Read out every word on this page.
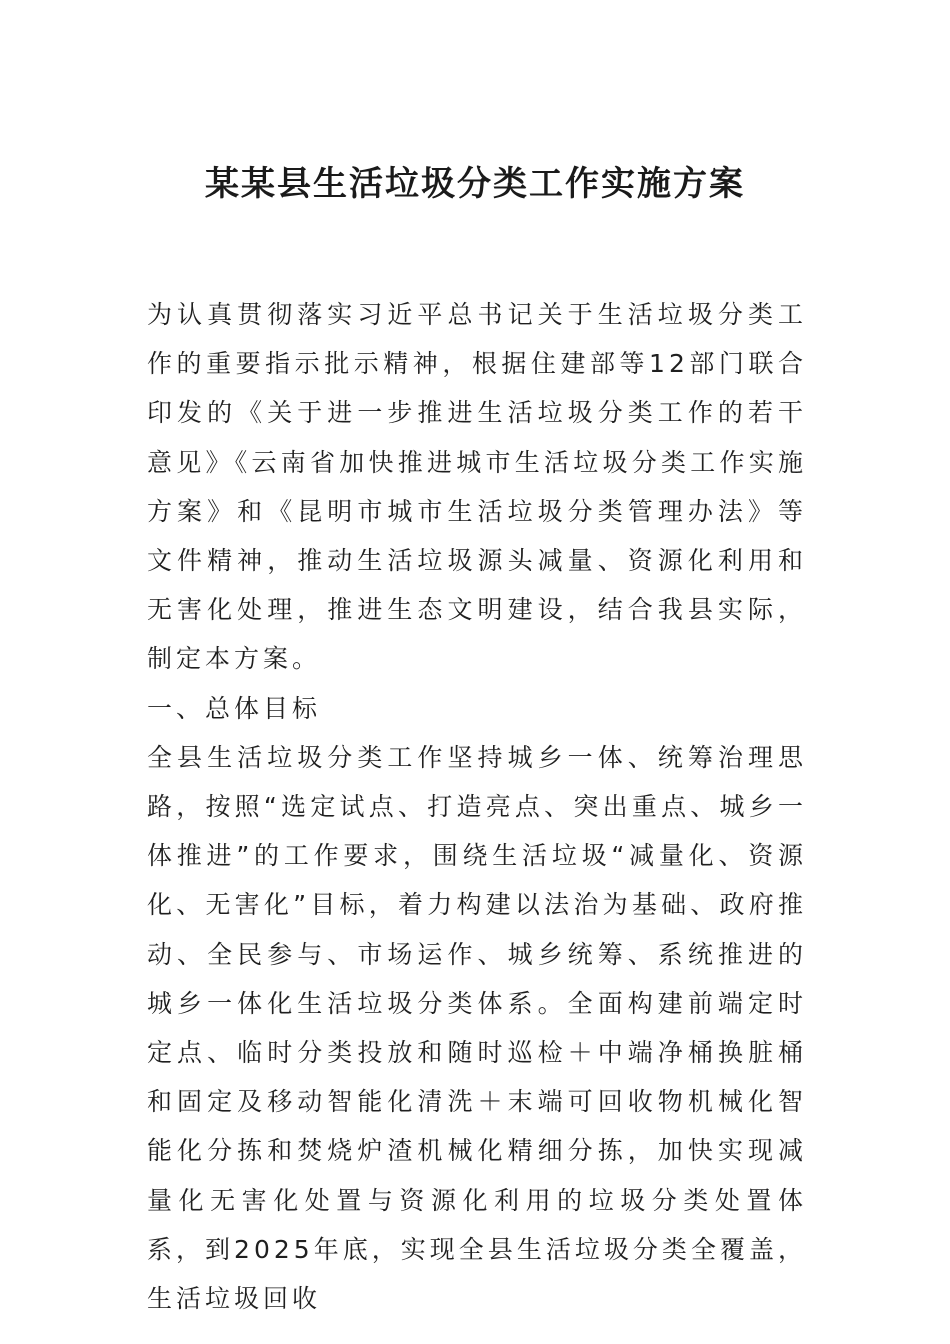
某某县生活垃圾分类工作实施方案

为认真贯彻落实习近平总书记关于生活垃圾分类工作的重要指示批示精神，根据住建部等12部门联合印发的《关于进一步推进生活垃圾分类工作的若干意见》《云南省加快推进城市生活垃圾分类工作实施方案》和《昆明市城市生活垃圾分类管理办法》等文件精神，推动生活垃圾源头减量、资源化利用和无害化处理，推进生态文明建设，结合我县实际，制定本方案。

一、总体目标

全县生活垃圾分类工作坚持城乡一体、统筹治理思路，按照“选定试点、打造亮点、突出重点、城乡一体推进”的工作要求，围绕生活垃圾“减量化、资源化、无害化”目标，着力构建以法治为基础、政府推动、全民参与、市场运作、城乡统筹、系统推进的城乡一体化生活垃圾分类体系。全面构建前端定时定点、临时分类投放和随时巡检＋中端净桶换脏桶和固定及移动智能化清洗＋末端可回收物机械化智能化分拣和焚烧炉渣机械化精细分拣，加快实现减量化无害化处置与资源化利用的垃圾分类处置体系，到2025年底，实现全县生活垃圾分类全覆盖，生活垃圾回收
